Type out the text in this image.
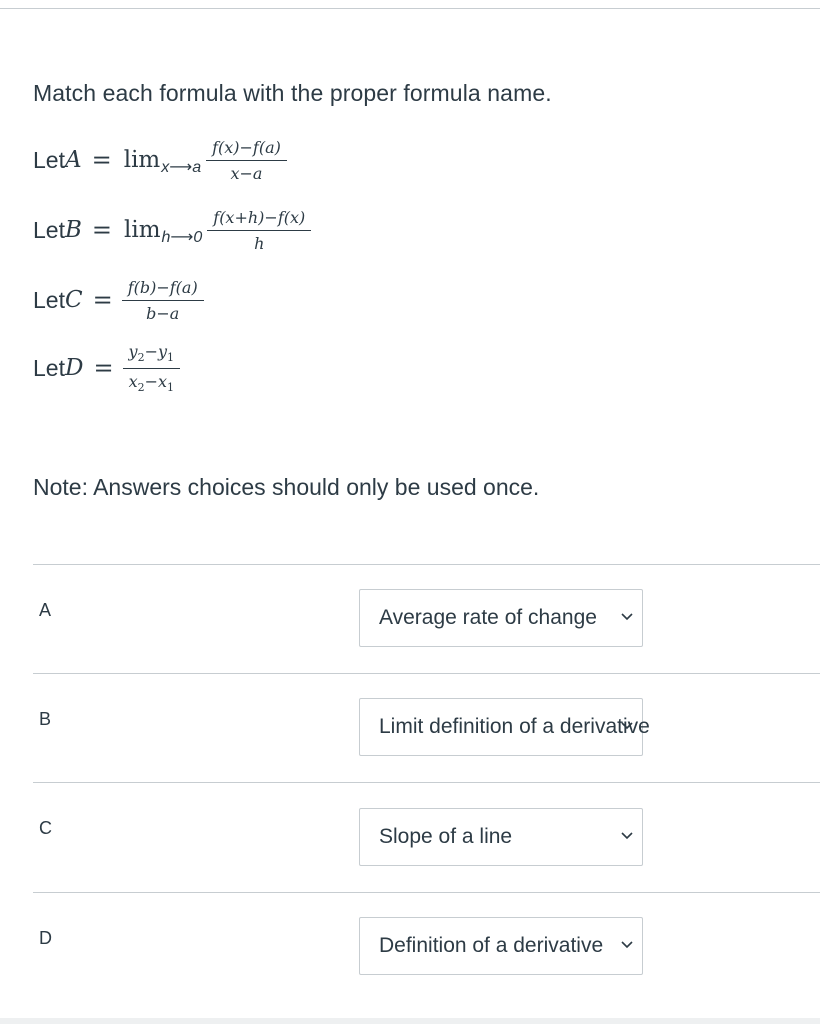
Match each formula with the proper formula name.
Let A = lim x⟶a $\frac{f(x)-f(a)}{x-a}$
Let B = lim h⟶0 $\frac{f(x+h)-f(x)}{h}$
Let $C = \frac{f(b)-f(a)}{b-a}$
Let $D = \frac{y_2-y_1}{x_2-x_1}$
Note: Answers choices should only be used once.
A	Average rate of change
B	Limit definition of a derivative
C	Slope of a line
D	Definition of a derivative
